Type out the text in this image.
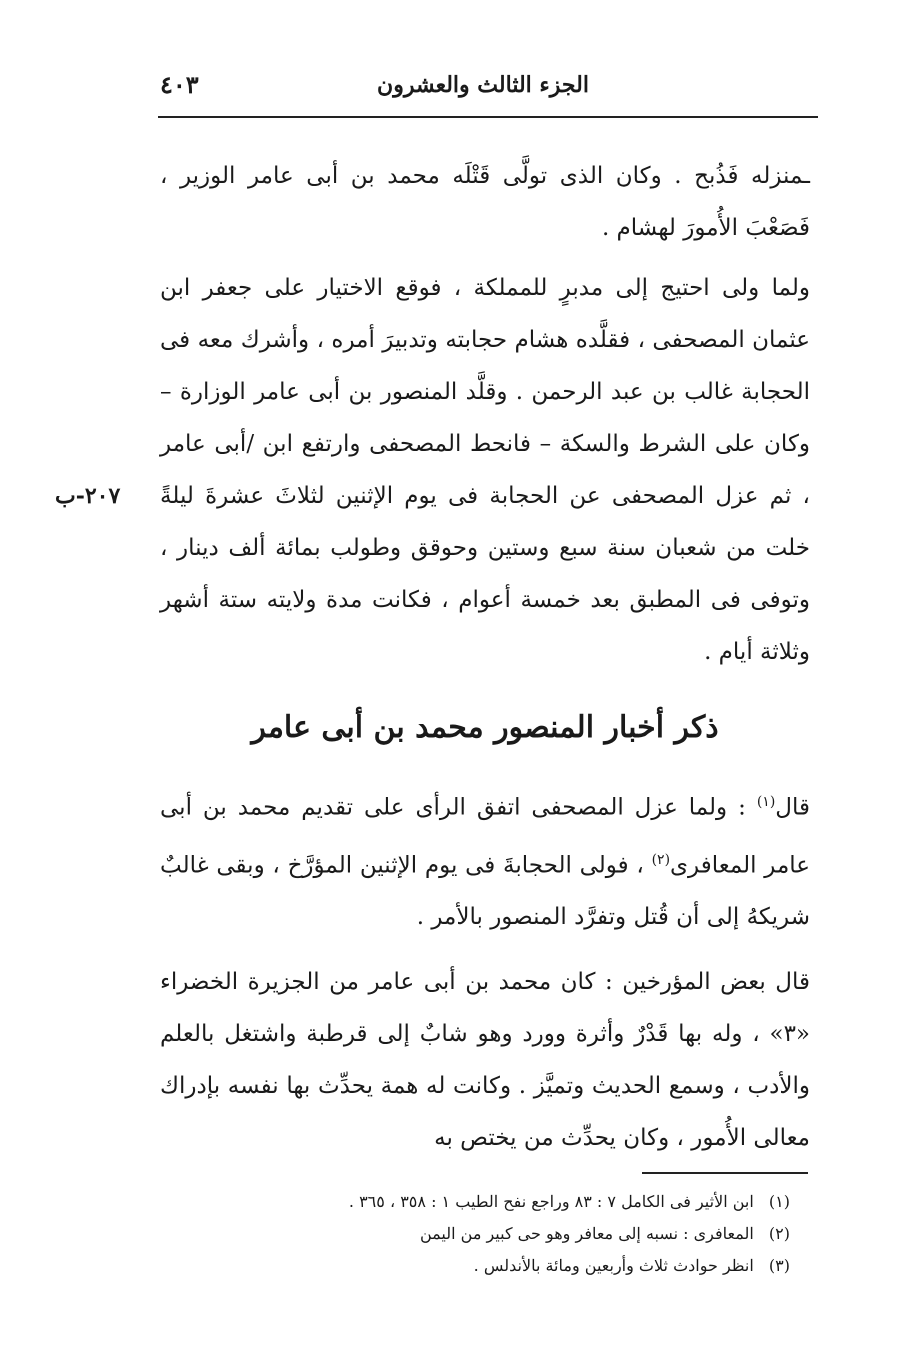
الجزء الثالث والعشرون
٤٠٣

ـمنزله فَذُبح . وكان الذى تولَّى قَتْلَه محمد بن أبى عامر الوزير ، فَصَعْبَ الأُمورَ لهشام .

ولما ولى احتيج إلى مدبرٍ للمملكة ، فوقع الاختيار على جعفر ابن عثمان المصحفى ، فقلَّده هشام حجابته وتدبيرَ أمره ، وأشرك معه فى الحجابة غالب بن عبد الرحمن . وقلَّد المنصور بن أبى عامر الوزارة – وكان على الشرط والسكة – فانحط المصحفى وارتفع ابن /أبى عامر ، ثم عزل المصحفى عن الحجابة فى يوم الإثنين لثلاثَ عشرةَ ليلةً خلت من شعبان سنة سبع وستين وحوقق وطولب بمائة ألف دينار ، وتوفى فى المطبق بعد خمسة أعوام ، فكانت مدة ولايته ستة أشهر وثلاثة أيام .

٢٠٧-ب
ذكر أخبار المنصور محمد بن أبى عامر

قال$^{(١)}$ : ولما عزل المصحفى اتفق الرأى على تقديم محمد بن أبى عامر المعافرى$^{(٢)}$ ، فولى الحجابةَ فى يوم الإثنين المؤرَّخ ، وبقى غالبٌ شريكهُ إلى أن قُتل وتفرَّد المنصور بالأمر .

قال بعض المؤرخين : كان محمد بن أبى عامر من الجزيرة الخضراء «٣» ، وله بها قَدْرٌ وأثرة وورد وهو شابٌ إلى قرطبة واشتغل بالعلم والأدب ، وسمع الحديث وتميَّز . وكانت له همة يحدِّث بها نفسه بإدراك معالى الأُمور ، وكان يحدِّث من يختص به

(١) ابن الأثير فى الكامل ٧ : ٨٣ وراجع نفح الطيب ١ : ٣٥٨ ، ٣٦٥ .
(٢) المعافرى : نسبه إلى معافر وهو حى كبير من اليمن
(٣) انظر حوادث ثلاث وأربعين ومائة بالأندلس .
